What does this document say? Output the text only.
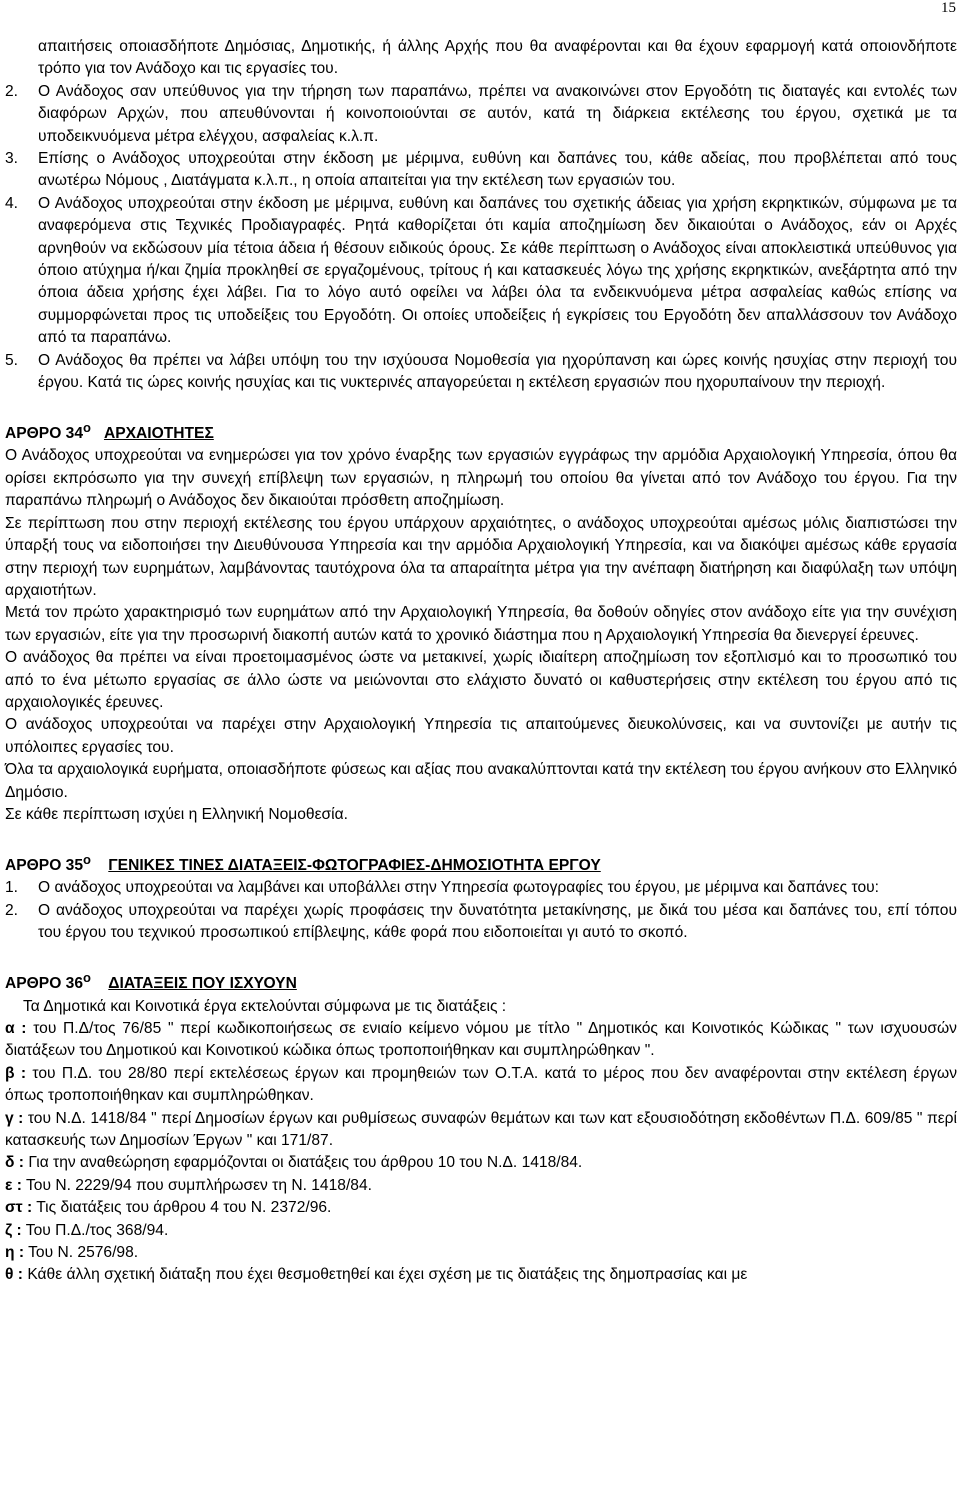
15
απαιτήσεις οποιασδήποτε Δημόσιας, Δημοτικής, ή άλλης Αρχής που θα αναφέρονται και θα έχουν εφαρμογή κατά οποιονδήποτε τρόπο για τον Ανάδοχο και τις εργασίες του.
2.	Ο Ανάδοχος σαν υπεύθυνος για την τήρηση των παραπάνω, πρέπει να ανακοινώνει στον Εργοδότη τις διαταγές και εντολές των διαφόρων Αρχών, που απευθύνονται ή κοινοποιούνται σε αυτόν, κατά τη διάρκεια εκτέλεσης του έργου, σχετικά με τα υποδεικνυόμενα μέτρα ελέγχου, ασφαλείας κ.λ.π.
3.	Επίσης ο Ανάδοχος υποχρεούται στην έκδοση με μέριμνα, ευθύνη και δαπάνες του, κάθε αδείας, που προβλέπεται από τους ανωτέρω Νόμους , Διατάγματα κ.λ.π., η οποία απαιτείται για την εκτέλεση των εργασιών του.
4.	Ο Ανάδοχος υποχρεούται στην έκδοση με μέριμνα, ευθύνη και δαπάνες του σχετικής άδειας για χρήση εκρηκτικών, σύμφωνα με τα αναφερόμενα στις Τεχνικές Προδιαγραφές. Ρητά καθορίζεται ότι καμία αποζημίωση δεν δικαιούται ο Ανάδοχος, εάν οι Αρχές αρνηθούν να εκδώσουν μία τέτοια άδεια ή θέσουν ειδικούς όρους. Σε κάθε περίπτωση ο Ανάδοχος είναι αποκλειστικά υπεύθυνος για όποιο ατύχημα ή/και ζημία προκληθεί σε εργαζομένους, τρίτους ή και κατασκευές λόγω της χρήσης εκρηκτικών, ανεξάρτητα από την όποια άδεια χρήσης έχει λάβει. Για το λόγο αυτό οφείλει να λάβει όλα τα ενδεικνυόμενα μέτρα ασφαλείας καθώς επίσης να συμμορφώνεται προς τις υποδείξεις του Εργοδότη. Οι οποίες υποδείξεις ή εγκρίσεις του Εργοδότη δεν απαλλάσσουν τον Ανάδοχο από τα παραπάνω.
5.	Ο Ανάδοχος θα πρέπει να λάβει υπόψη του την ισχύουσα Νομοθεσία για ηχορύπανση και ώρες κοινής ησυχίας στην περιοχή του έργου. Κατά τις ώρες κοινής ησυχίας και τις νυκτερινές απαγορεύεται η εκτέλεση εργασιών που ηχορυπαίνουν την περιοχή.

ΑΡΘΡΟ $34^o$ ΑΡΧΑΙΟΤΗΤΕΣ

Ο Ανάδοχος υποχρεούται να ενημερώσει για τον χρόνο έναρξης των εργασιών εγγράφως την αρμόδια Αρχαιολογική Υπηρεσία, όπου θα ορίσει εκπρόσωπο για την συνεχή επίβλεψη των εργασιών, η πληρωμή του οποίου θα γίνεται από τον Ανάδοχο του έργου. Για την παραπάνω πληρωμή ο Ανάδοχος δεν δικαιούται πρόσθετη αποζημίωση.

Σε περίπτωση που στην περιοχή εκτέλεσης του έργου υπάρχουν αρχαιότητες, ο ανάδοχος υποχρεούται αμέσως μόλις διαπιστώσει την ύπαρξή τους να ειδοποιήσει την Διευθύνουσα Υπηρεσία και την αρμόδια Αρχαιολογική Υπηρεσία, και να διακόψει αμέσως κάθε εργασία στην περιοχή των ευρημάτων, λαμβάνοντας ταυτόχρονα όλα τα απαραίτητα μέτρα για την ανέπαφη διατήρηση και διαφύλαξη των υπόψη αρχαιοτήτων.

Μετά τον πρώτο χαρακτηρισμό των ευρημάτων από την Αρχαιολογική Υπηρεσία, θα δοθούν οδηγίες στον ανάδοχο είτε για την συνέχιση των εργασιών, είτε για την προσωρινή διακοπή αυτών κατά το χρονικό διάστημα που η Αρχαιολογική Υπηρεσία θα διενεργεί έρευνες.

Ο ανάδοχος θα πρέπει να είναι προετοιμασμένος ώστε να μετακινεί, χωρίς ιδιαίτερη αποζημίωση τον εξοπλισμό και το προσωπικό του από το ένα μέτωπο εργασίας σε άλλο ώστε να μειώνονται στο ελάχιστο δυνατό οι καθυστερήσεις στην εκτέλεση του έργου από τις αρχαιολογικές έρευνες.

Ο ανάδοχος υποχρεούται να παρέχει στην Αρχαιολογική Υπηρεσία τις απαιτούμενες διευκολύνσεις, και να συντονίζει με αυτήν τις υπόλοιπες εργασίες του.

Όλα τα αρχαιολογικά ευρήματα, οποιασδήποτε φύσεως και αξίας που ανακαλύπτονται κατά την εκτέλεση του έργου ανήκουν στο Ελληνικό Δημόσιο.

Σε κάθε περίπτωση ισχύει η Ελληνική Νομοθεσία.

ΑΡΘΡΟ $35^o$ ΓΕΝΙΚΕΣ ΤΙΝΕΣ ΔΙΑΤΑΞΕΙΣ-ΦΩΤΟΓΡΑΦΙΕΣ-ΔΗΜΟΣΙΟΤΗΤΑ ΕΡΓΟΥ

1.	Ο ανάδοχος υποχρεούται να λαμβάνει και υποβάλλει στην Υπηρεσία φωτογραφίες του έργου, με μέριμνα και δαπάνες του:
2.	Ο ανάδοχος υποχρεούται να παρέχει χωρίς προφάσεις την δυνατότητα μετακίνησης, με δικά του μέσα και δαπάνες του, επί τόπου του έργου του τεχνικού προσωπικού επίβλεψης, κάθε φορά που ειδοποιείται γι αυτό το σκοπό.

ΑΡΘΡΟ $36^o$ ΔΙΑΤΑΞΕΙΣ ΠΟΥ ΙΣΧΥΟΥΝ

Τα Δημοτικά και Κοινοτικά έργα εκτελούνται σύμφωνα με τις διατάξεις :

α : του Π.Δ/τος 76/85 " περί κωδικοποιήσεως σε ενιαίο κείμενο νόμου με τίτλο " Δημοτικός και Κοινοτικός Κώδικας " των ισχυουσών διατάξεων του Δημοτικού και Κοινοτικού κώδικα όπως τροποποιήθηκαν και συμπληρώθηκαν ".

β : του Π.Δ. του 28/80 περί εκτελέσεως έργων και προμηθειών των Ο.Τ.Α. κατά το μέρος που δεν αναφέρονται στην εκτέλεση έργων όπως τροποποιήθηκαν και συμπληρώθηκαν.

γ : του Ν.Δ. 1418/84 " περί Δημοσίων έργων και ρυθμίσεως συναφών θεμάτων και των κατ εξουσιοδότηση εκδοθέντων Π.Δ. 609/85 " περί κατασκευής των Δημοσίων Έργων " και 171/87.

δ : Για την αναθεώρηση εφαρμόζονται οι διατάξεις του άρθρου 10 του Ν.Δ. 1418/84.

ε : Του Ν. 2229/94 που συμπλήρωσεν τη Ν. 1418/84.

στ : Τις διατάξεις του άρθρου 4 του Ν. 2372/96.

ζ : Του Π.Δ./τος 368/94.

η : Του Ν. 2576/98.

θ : Κάθε άλλη σχετική διάταξη που έχει θεσμοθετηθεί και έχει σχέση με τις διατάξεις της δημοπρασίας και με
